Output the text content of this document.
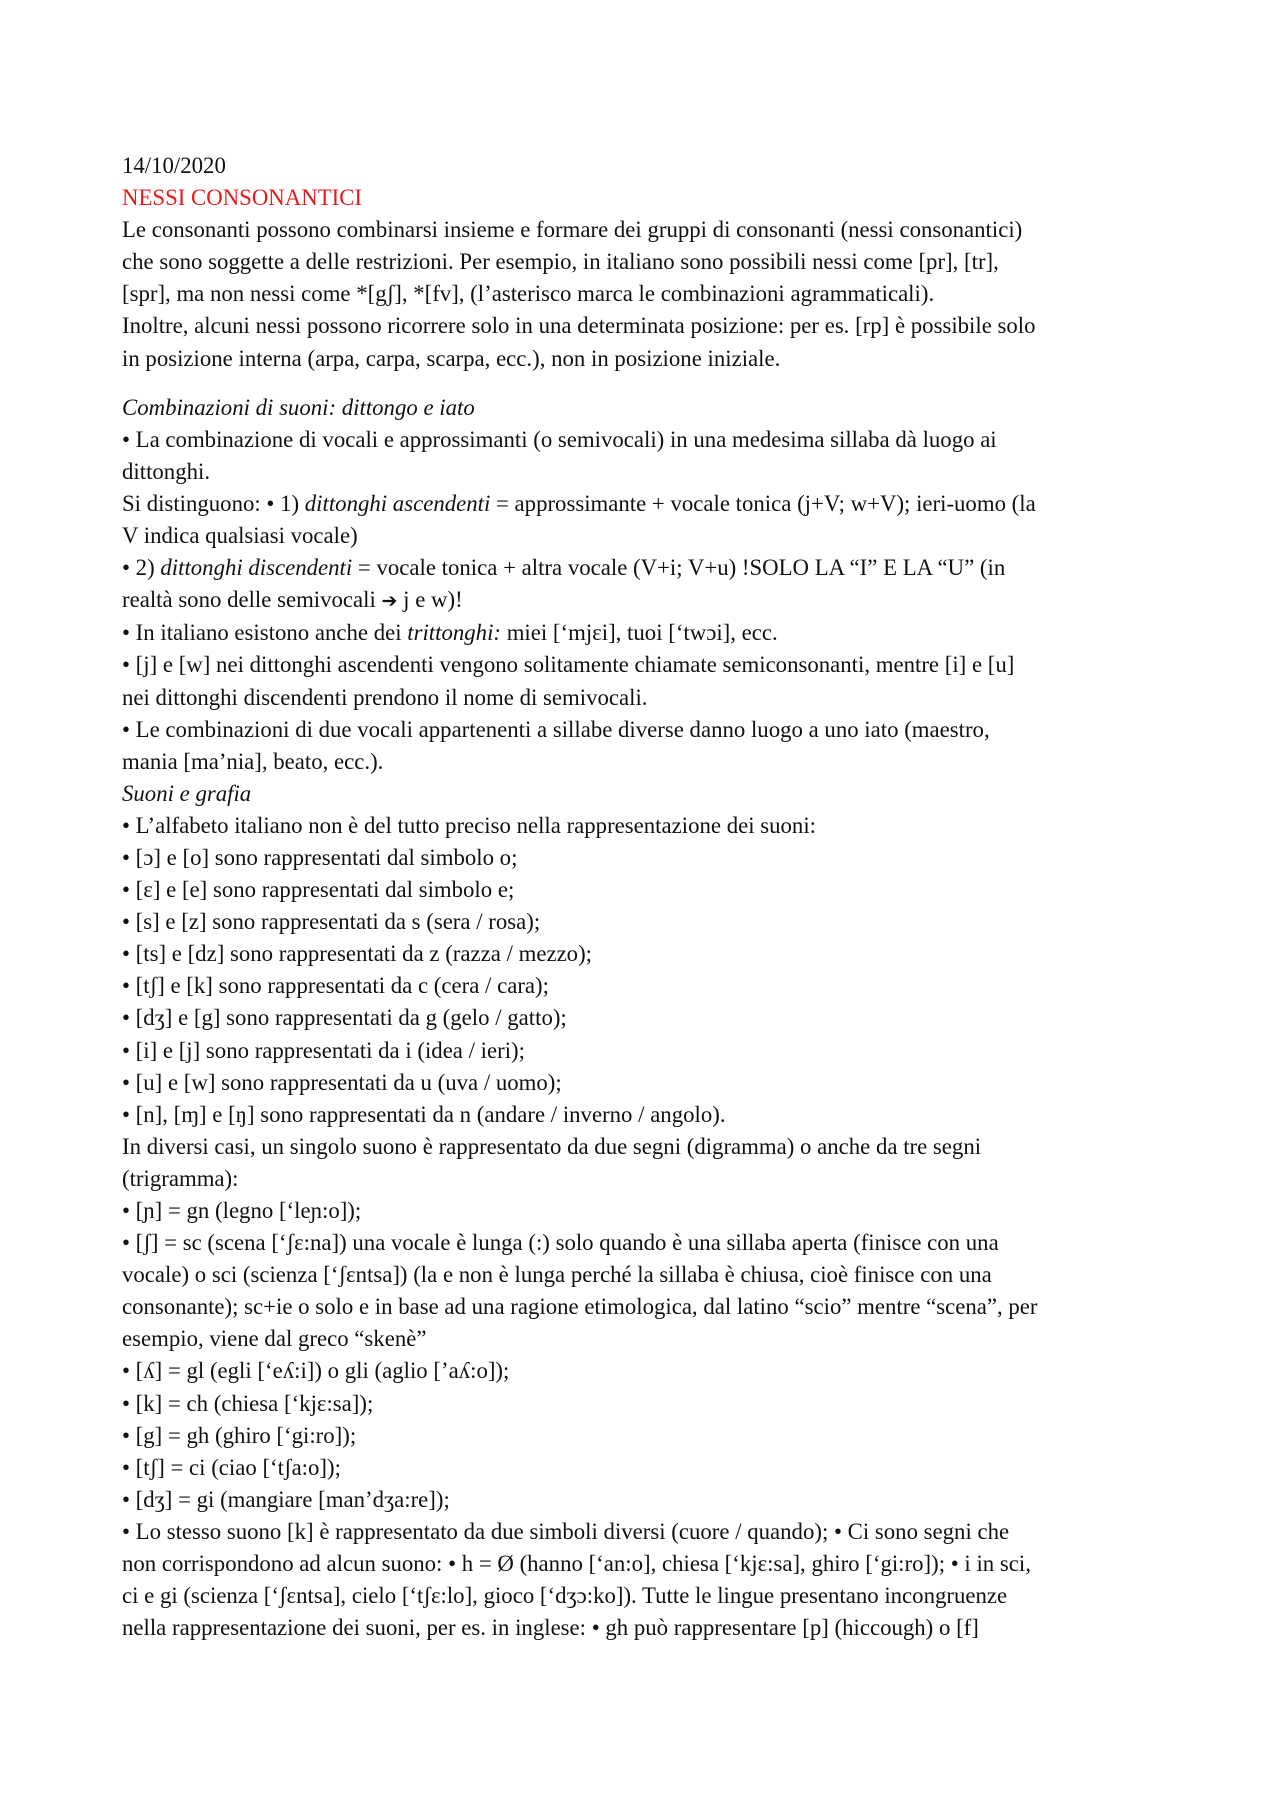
14/10/2020

NESSI CONSONANTICI

Le consonanti possono combinarsi insieme e formare dei gruppi di consonanti (nessi consonantici)

che sono soggette a delle restrizioni. Per esempio, in italiano sono possibili nessi come [pr], [tr],

[spr], ma non nessi come *[gʃ], *[fv], (l’asterisco marca le combinazioni agrammaticali).

Inoltre, alcuni nessi possono ricorrere solo in una determinata posizione: per es. [rp] è possibile solo

in posizione interna (arpa, carpa, scarpa, ecc.), non in posizione iniziale.

Combinazioni di suoni: dittongo e iato

• La combinazione di vocali e approssimanti (o semivocali) in una medesima sillaba dà luogo ai

dittonghi.

Si distinguono: • 1) dittonghi ascendenti = approssimante + vocale tonica (j+V; w+V); ieri-uomo (la

V indica qualsiasi vocale)

• 2) dittonghi discendenti = vocale tonica + altra vocale (V+i; V+u) !SOLO LA “I” E LA “U” (in

realtà sono delle semivocali ➔ j e w)!

• In italiano esistono anche dei trittonghi: miei [‘mjɛi], tuoi [‘twɔi], ecc.

• [j] e [w] nei dittonghi ascendenti vengono solitamente chiamate semiconsonanti, mentre [i] e [u]

nei dittonghi discendenti prendono il nome di semivocali.

• Le combinazioni di due vocali appartenenti a sillabe diverse danno luogo a uno iato (maestro,

mania [ma’nia], beato, ecc.).

Suoni e grafia

• L’alfabeto italiano non è del tutto preciso nella rappresentazione dei suoni:

• [ɔ] e [o] sono rappresentati dal simbolo o;

• [ɛ] e [e] sono rappresentati dal simbolo e;

• [s] e [z] sono rappresentati da s (sera / rosa);

• [ts] e [dz] sono rappresentati da z (razza / mezzo);

• [tʃ] e [k] sono rappresentati da c (cera / cara);

• [dʒ] e [g] sono rappresentati da g (gelo / gatto);

• [i] e [j] sono rappresentati da i (idea / ieri);

• [u] e [w] sono rappresentati da u (uva / uomo);

• [n], [ɱ] e [ŋ] sono rappresentati da n (andare / inverno / angolo).

In diversi casi, un singolo suono è rappresentato da due segni (digramma) o anche da tre segni

(trigramma):

• [ɲ] = gn (legno [‘leɲ:o]);

• [ʃ] = sc (scena [‘ʃɛ:na]) una vocale è lunga (:) solo quando è una sillaba aperta (finisce con una

vocale) o sci (scienza [‘ʃɛntsa]) (la e non è lunga perché la sillaba è chiusa, cioè finisce con una

consonante); sc+ie o solo e in base ad una ragione etimologica, dal latino “scio” mentre “scena”, per

esempio, viene dal greco “skenè”

• [ʎ] = gl (egli [‘eʎ:i]) o gli (aglio [’aʎ:o]);

• [k] = ch (chiesa [‘kjɛ:sa]);

• [g] = gh (ghiro [‘gi:ro]);

• [tʃ] = ci (ciao [‘tʃa:o]);

• [dʒ] = gi (mangiare [man’dʒa:re]);

• Lo stesso suono [k] è rappresentato da due simboli diversi (cuore / quando); • Ci sono segni che

non corrispondono ad alcun suono: • h = Ø (hanno [‘an:o], chiesa [‘kjɛ:sa], ghiro [‘gi:ro]); • i in sci,

ci e gi (scienza [‘ʃɛntsa], cielo [‘tʃɛ:lo], gioco [‘dʒɔ:ko]). Tutte le lingue presentano incongruenze

nella rappresentazione dei suoni, per es. in inglese: • gh può rappresentare [p] (hiccough) o [f]
